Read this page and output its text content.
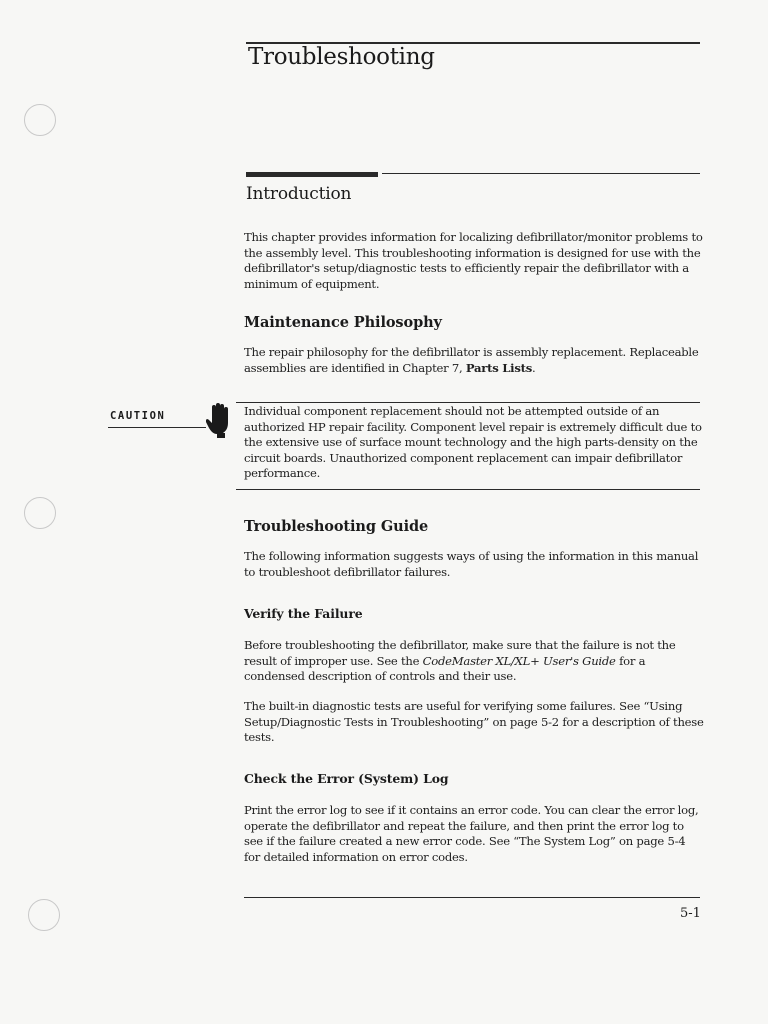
Troubleshooting
Introduction
This chapter provides information for localizing defibrillator/monitor problems to the assembly level. This troubleshooting information is designed for use with the defibrillator's setup/diagnostic tests to efficiently repair the defibrillator with a minimum of equipment.
Maintenance Philosophy
The repair philosophy for the defibrillator is assembly replacement. Replaceable assemblies are identified in Chapter 7, Parts Lists.
CAUTION	Individual component replacement should not be attempted outside of an authorized HP repair facility. Component level repair is extremely difficult due to the extensive use of surface mount technology and the high parts-density on the circuit boards. Unauthorized component replacement can impair defibrillator performance.
Troubleshooting Guide
The following information suggests ways of using the information in this manual to troubleshoot defibrillator failures.
Verify the Failure
Before troubleshooting the defibrillator, make sure that the failure is not the result of improper use. See the CodeMaster XL/XL+ User's Guide for a condensed description of controls and their use.
The built-in diagnostic tests are useful for verifying some failures. See “Using Setup/Diagnostic Tests in Troubleshooting” on page 5-2 for a description of these tests.
Check the Error (System) Log
Print the error log to see if it contains an error code. You can clear the error log, operate the defibrillator and repeat the failure, and then print the error log to see if the failure created a new error code. See “The System Log” on page 5-4 for detailed information on error codes.
5-1
